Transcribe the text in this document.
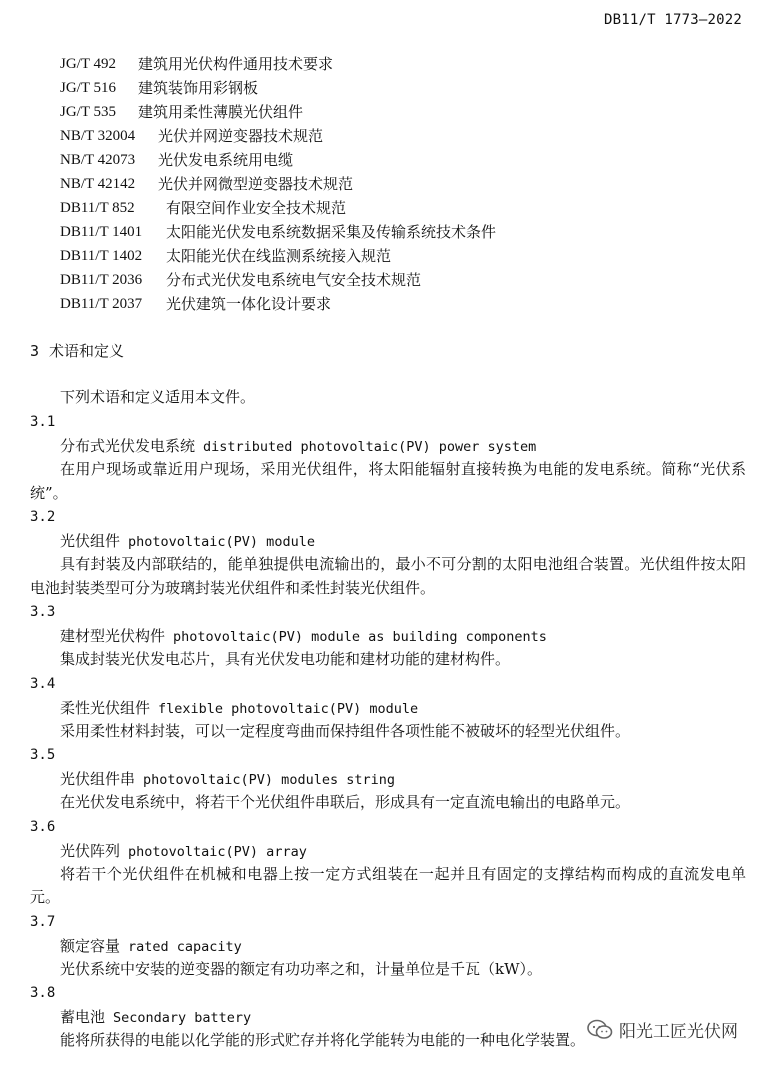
DB11/T 1773—2022
JG/T 492	建筑用光伏构件通用技术要求
JG/T 516	建筑装饰用彩钢板
JG/T 535	建筑用柔性薄膜光伏组件
NB/T 32004	光伏并网逆变器技术规范
NB/T 42073	光伏发电系统用电缆
NB/T 42142	光伏并网微型逆变器技术规范
DB11/T 852	有限空间作业安全技术规范
DB11/T 1401	太阳能光伏发电系统数据采集及传输系统技术条件
DB11/T 1402	太阳能光伏在线监测系统接入规范
DB11/T 2036	分布式光伏发电系统电气安全技术规范
DB11/T 2037	光伏建筑一体化设计要求
3 术语和定义
下列术语和定义适用本文件。
3.1
分布式光伏发电系统 distributed photovoltaic(PV) power system
在用户现场或靠近用户现场，采用光伏组件，将太阳能辐射直接转换为电能的发电系统。简称“光伏系统”。
3.2
光伏组件 photovoltaic(PV) module
具有封装及内部联结的，能单独提供电流输出的，最小不可分割的太阳电池组合装置。光伏组件按太阳电池封装类型可分为玻璃封装光伏组件和柔性封装光伏组件。
3.3
建材型光伏构件 photovoltaic(PV) module as building components
集成封装光伏发电芯片，具有光伏发电功能和建材功能的建材构件。
3.4
柔性光伏组件 flexible photovoltaic(PV) module
采用柔性材料封装，可以一定程度弯曲而保持组件各项性能不被破坏的轻型光伏组件。
3.5
光伏组件串 photovoltaic(PV) modules string
在光伏发电系统中，将若干个光伏组件串联后，形成具有一定直流电输出的电路单元。
3.6
光伏阵列 photovoltaic(PV) array
将若干个光伏组件在机械和电器上按一定方式组装在一起并且有固定的支撑结构而构成的直流发电单元。
3.7
额定容量 rated capacity
光伏系统中安装的逆变器的额定有功功率之和，计量单位是千瓦（kW）。
3.8
蓄电池 Secondary battery
能将所获得的电能以化学能的形式贮存并将化学能转为电能的一种电化学装置。	阳光工匠光伏网
